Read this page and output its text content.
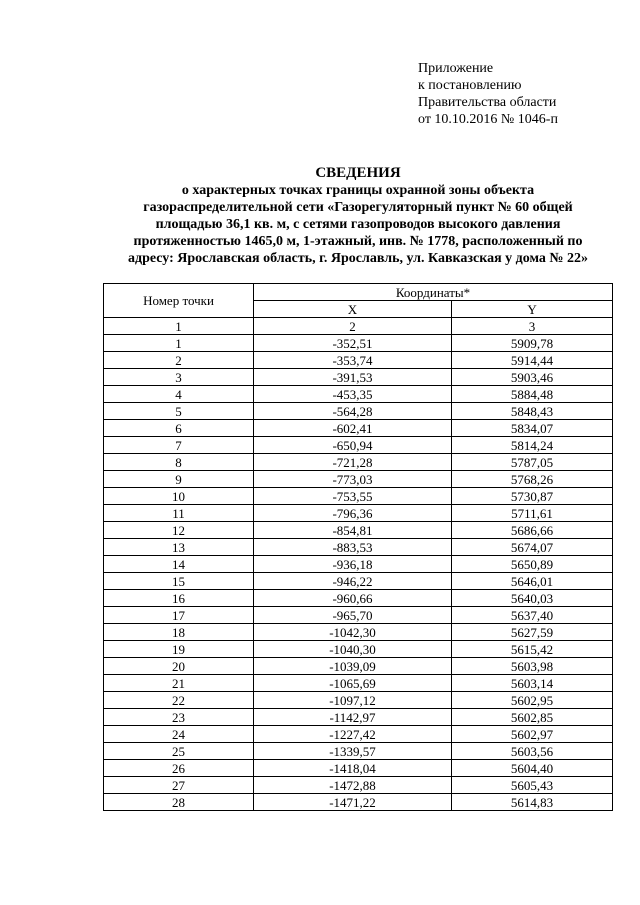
Приложение
к постановлению
Правительства области
от 10.10.2016 № 1046-п
СВЕДЕНИЯ
о характерных точках границы охранной зоны объекта
газораспределительной сети «Газорегуляторный пункт № 60 общей
площадью 36,1 кв. м, с сетями газопроводов высокого давления
протяженностью 1465,0 м, 1-этажный, инв. № 1778, расположенный по
адресу: Ярославская область, г. Ярославль, ул. Кавказская у дома № 22»
Номер точки	Координаты*	
	X	Y
1	2	3
1	-352,51	5909,78
2	-353,74	5914,44
3	-391,53	5903,46
4	-453,35	5884,48
5	-564,28	5848,43
6	-602,41	5834,07
7	-650,94	5814,24
8	-721,28	5787,05
9	-773,03	5768,26
10	-753,55	5730,87
11	-796,36	5711,61
12	-854,81	5686,66
13	-883,53	5674,07
14	-936,18	5650,89
15	-946,22	5646,01
16	-960,66	5640,03
17	-965,70	5637,40
18	-1042,30	5627,59
19	-1040,30	5615,42
20	-1039,09	5603,98
21	-1065,69	5603,14
22	-1097,12	5602,95
23	-1142,97	5602,85
24	-1227,42	5602,97
25	-1339,57	5603,56
26	-1418,04	5604,40
27	-1472,88	5605,43
28	-1471,22	5614,83
